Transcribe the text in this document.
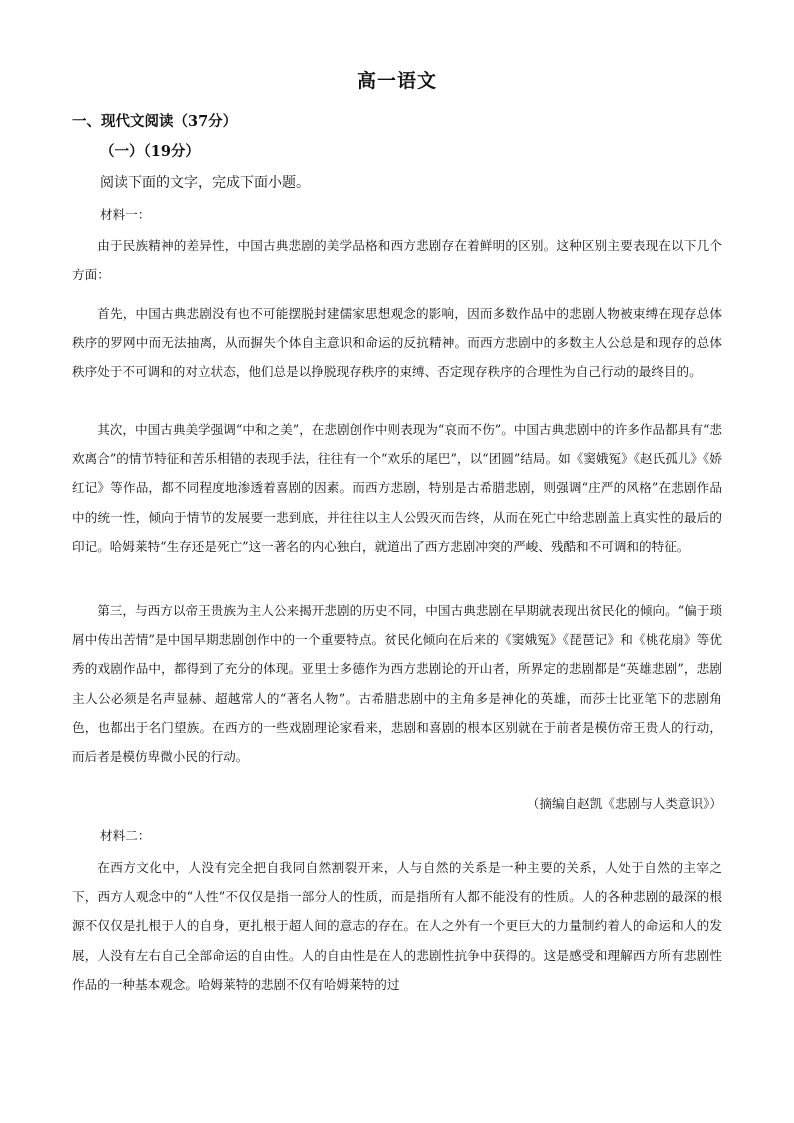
高一语文
一、现代文阅读（37分）
（一）（19分）
阅读下面的文字，完成下面小题。
材料一：
由于民族精神的差异性，中国古典悲剧的美学品格和西方悲剧存在着鲜明的区别。这种区别主要表现在以下几个方面：
首先，中国古典悲剧没有也不可能摆脱封建儒家思想观念的影响，因而多数作品中的悲剧人物被束缚在现存总体秩序的罗网中而无法抽离，从而摒失个体自主意识和命运的反抗精神。而西方悲剧中的多数主人公总是和现存的总体秩序处于不可调和的对立状态，他们总是以挣脱现存秩序的束缚、否定现存秩序的合理性为自己行动的最终目的。
其次，中国古典美学强调“中和之美”，在悲剧创作中则表现为“哀而不伤”。中国古典悲剧中的许多作品都具有“悲欢离合”的情节特征和苦乐相错的表现手法，往往有一个“欢乐的尾巴”，以“团圆”结局。如《窦娥冤》《赵氏孤儿》《娇红记》等作品，都不同程度地渗透着喜剧的因素。而西方悲剧，特别是古希腊悲剧，则强调“庄严的风格”在悲剧作品中的统一性，倾向于情节的发展要一悲到底，并往往以主人公毁灭而告终，从而在死亡中给悲剧盖上真实性的最后的印记。哈姆莱特“生存还是死亡”这一著名的内心独白，就道出了西方悲剧冲突的严峻、残酷和不可调和的特征。
第三，与西方以帝王贵族为主人公来揭开悲剧的历史不同，中国古典悲剧在早期就表现出贫民化的倾向。“偏于琐屑中传出苦情”是中国早期悲剧创作中的一个重要特点。贫民化倾向在后来的《窦娥冤》《琵琶记》和《桃花扇》等优秀的戏剧作品中，都得到了充分的体现。亚里士多德作为西方悲剧论的开山者，所界定的悲剧都是“英雄悲剧”，悲剧主人公必须是名声显赫、超越常人的“著名人物”。古希腊悲剧中的主角多是神化的英雄，而莎士比亚笔下的悲剧角色，也都出于名门望族。在西方的一些戏剧理论家看来，悲剧和喜剧的根本区别就在于前者是模仿帝王贵人的行动，而后者是模仿卑微小民的行动。
（摘编自赵凯《悲剧与人类意识》）
材料二：
在西方文化中，人没有完全把自我同自然割裂开来，人与自然的关系是一种主要的关系，人处于自然的主宰之下，西方人观念中的“人性”不仅仅是指一部分人的性质，而是指所有人都不能没有的性质。人的各种悲剧的最深的根源不仅仅是扎根于人的自身，更扎根于超人间的意志的存在。在人之外有一个更巨大的力量制约着人的命运和人的发展，人没有左右自己全部命运的自由性。人的自由性是在人的悲剧性抗争中获得的。这是感受和理解西方所有悲剧性作品的一种基本观念。哈姆莱特的悲剧不仅有哈姆莱特的过
